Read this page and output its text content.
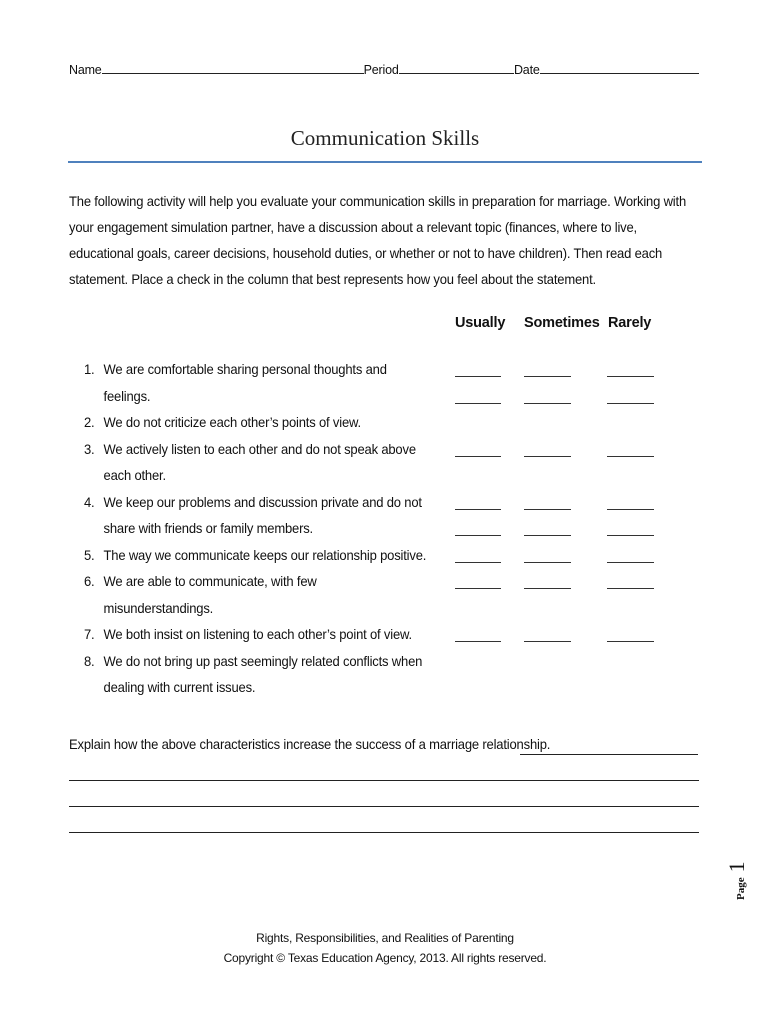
Name	Period	Date
Communication Skills

The following activity will help you evaluate your communication skills in preparation for marriage. Working with your engagement simulation partner, have a discussion about a relevant topic (finances, where to live, educational goals, career decisions, household duties, or whether or not to have children). Then read each statement. Place a check in the column that best represents how you feel about the statement.

Usually Sometimes Rarely
1. We are comfortable sharing personal thoughts and feelings.
2. We do not criticize each other’s points of view.
3. We actively listen to each other and do not speak above
each other.
4. We keep our problems and discussion private and do not
share with friends or family members.
5. The way we communicate keeps our relationship positive.
6. We are able to communicate, with few misunderstandings.
7. We both insist on listening to each other’s point of view.
8. We do not bring up past seemingly related conflicts when
dealing with current issues.
Explain how the above characteristics increase the success of a marriage relationship.
Page1
Rights, Responsibilities, and Realities of Parenting
Copyright © Texas Education Agency, 2013. All rights reserved.
